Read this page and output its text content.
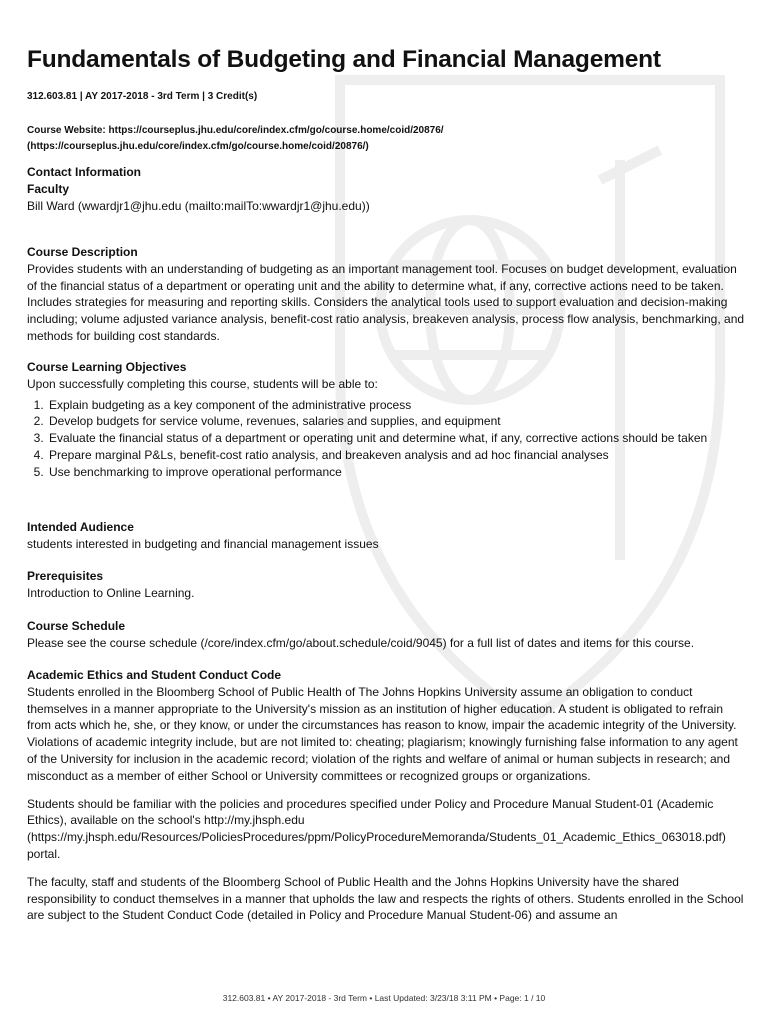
Fundamentals of Budgeting and Financial Management
312.603.81 | AY 2017-2018 - 3rd Term | 3 Credit(s)
Course Website: https://courseplus.jhu.edu/core/index.cfm/go/course.home/coid/20876/ (https://courseplus.jhu.edu/core/index.cfm/go/course.home/coid/20876/)
Contact Information
Faculty

Bill Ward (wwardjr1@jhu.edu (mailto:mailTo:wwardjr1@jhu.edu))

Course Description

Provides students with an understanding of budgeting as an important management tool. Focuses on budget development, evaluation of the financial status of a department or operating unit and the ability to determine what, if any, corrective actions need to be taken. Includes strategies for measuring and reporting skills. Considers the analytical tools used to support evaluation and decision-making including; volume adjusted variance analysis, benefit-cost ratio analysis, breakeven analysis, process flow analysis, benchmarking, and methods for building cost standards.

Course Learning Objectives

Upon successfully completing this course, students will be able to:

1. Explain budgeting as a key component of the administrative process
2. Develop budgets for service volume, revenues, salaries and supplies, and equipment
3. Evaluate the financial status of a department or operating unit and determine what, if any, corrective actions should be taken
4. Prepare marginal P&Ls, benefit-cost ratio analysis, and breakeven analysis and ad hoc financial analyses
5. Use benchmarking to improve operational performance
Intended Audience

students interested in budgeting and financial management issues

Prerequisites

Introduction to Online Learning.

Course Schedule

Please see the course schedule (/core/index.cfm/go/about.schedule/coid/9045) for a full list of dates and items for this course.

Academic Ethics and Student Conduct Code

Students enrolled in the Bloomberg School of Public Health of The Johns Hopkins University assume an obligation to conduct themselves in a manner appropriate to the University's mission as an institution of higher education. A student is obligated to refrain from acts which he, she, or they know, or under the circumstances has reason to know, impair the academic integrity of the University. Violations of academic integrity include, but are not limited to: cheating; plagiarism; knowingly furnishing false information to any agent of the University for inclusion in the academic record; violation of the rights and welfare of animal or human subjects in research; and misconduct as a member of either School or University committees or recognized groups or organizations.

Students should be familiar with the policies and procedures specified under Policy and Procedure Manual Student-01 (Academic Ethics), available on the school's http://my.jhsph.edu (https://my.jhsph.edu/Resources/PoliciesProcedures/ppm/PolicyProcedureMemoranda/Students_01_Academic_Ethics_063018.pdf) portal.

The faculty, staff and students of the Bloomberg School of Public Health and the Johns Hopkins University have the shared responsibility to conduct themselves in a manner that upholds the law and respects the rights of others. Students enrolled in the School are subject to the Student Conduct Code (detailed in Policy and Procedure Manual Student-06) and assume an

312.603.81 • AY 2017-2018 - 3rd Term • Last Updated: 3/23/18 3:11 PM • Page: 1 / 10
